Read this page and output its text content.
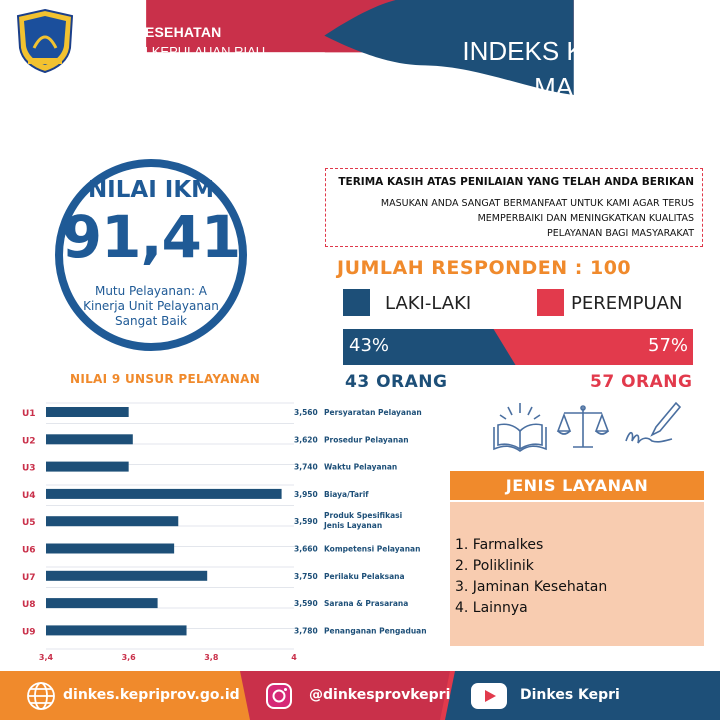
DINAS KESEHATAN
PROVINSI KEPULAUAN RIAU	INDEKS KEPUASAN
MASYARAKAT
TAHUN 2025
NILAI IKM
91,41
Mutu Pelayanan: A Kinerja Unit Pelayanan Sangat Baik
TERIMA KASIH ATAS PENILAIAN YANG TELAH ANDA BERIKAN
MASUKAN ANDA SANGAT BERMANFAAT UNTUK KAMI AGAR TERUS
MEMPERBAIKI DAN MENINGKATKAN KUALITAS
PELAYANAN BAGI MASYARAKAT
JUMLAH RESPONDEN : 100
LAKI-LAKI	PEREMPUAN
43%	57%
43 ORANG	57 ORANG
NILAI 9 UNSUR PELAYANAN
3,4	3,6	3,8	4
U1	3,560 Persyaratan Pelayanan
U2	3,620 Prosedur Pelayanan
U3	3,740 Waktu Pelayanan
U4	3,950 Biaya/Tarif
U5	3,590
Produk Spesifikasi
Jenis Layanan
U6	3,660 Kompetensi Pelayanan
U7	3,750 Perilaku Pelaksana
U8	3,590 Sarana & Prasarana
U9	3,780 Penanganan Pengaduan
JENIS LAYANAN
1. Farmalkes
2. Poliklinik
3. Jaminan Kesehatan
4. Lainnya
dinkes.kepriprov.go.id	@dinkesprovkepri	Dinkes Kepri
